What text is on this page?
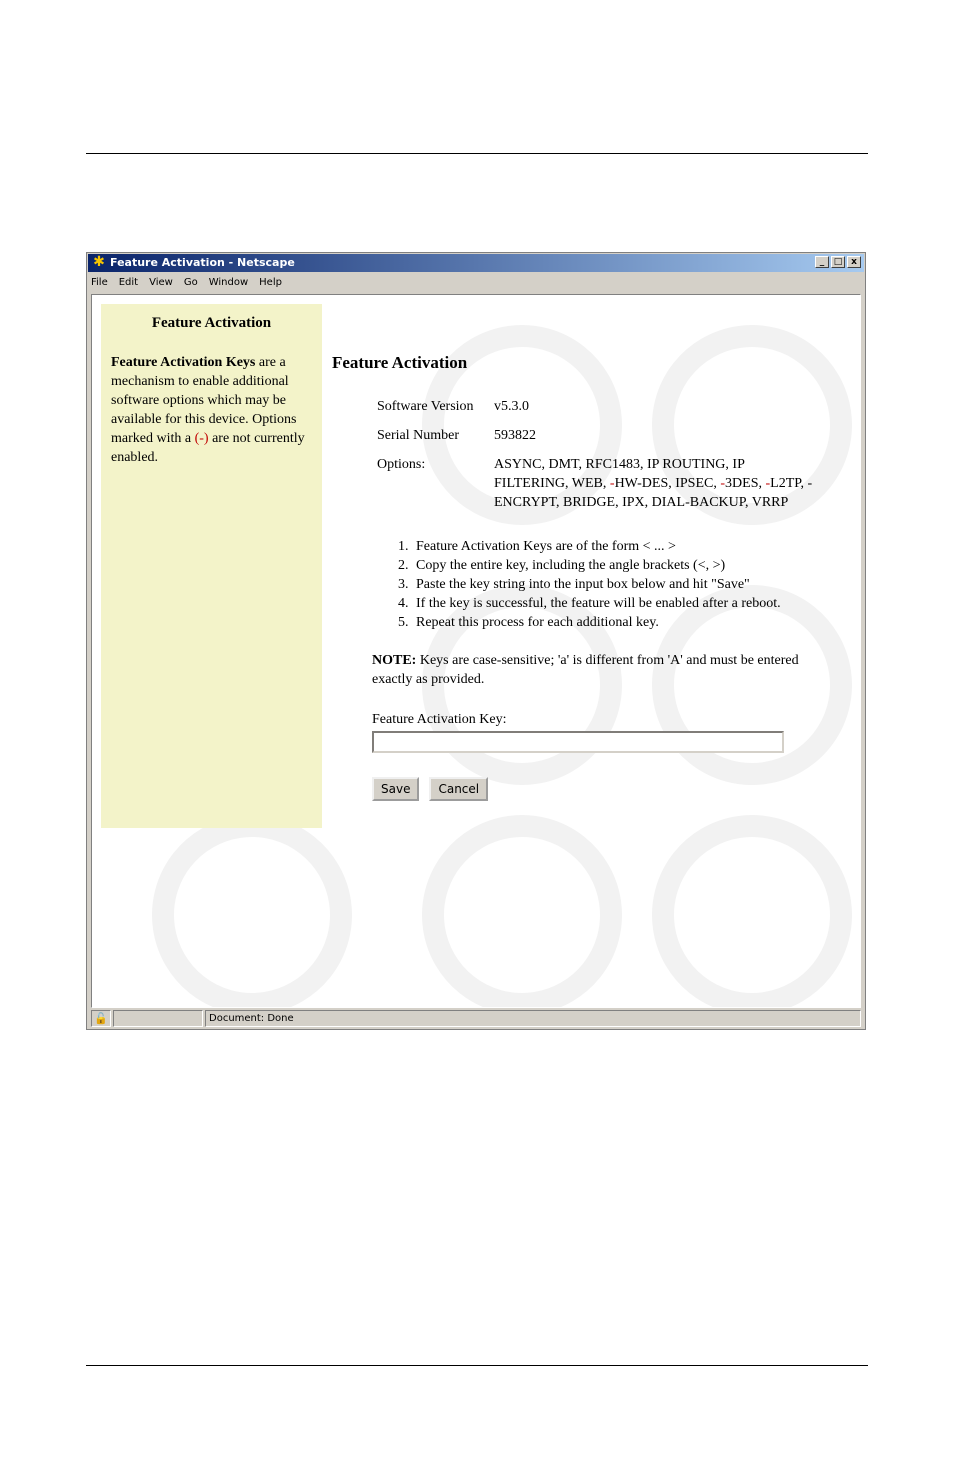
✱ Feature Activation - Netscape	_	□ x
File Edit View Go Window Help
Feature Activation

Feature Activation Keys are a mechanism to enable additional software options which may be available for this device. Options marked with a (-) are not currently enabled.

Feature Activation
Software Version	v5.3.0
Serial Number	593822
Options:	ASYNC, DMT, RFC1483, IP ROUTING, IP FILTERING, WEB, -HW-DES, IPSEC, -3DES, -L2TP, -ENCRYPT, BRIDGE, IPX, DIAL-BACKUP, VRRP
1. Feature Activation Keys are of the form < ... >
2. Copy the entire key, including the angle brackets (<, >)
3. Paste the key string into the input box below and hit "Save"
4. If the key is successful, the feature will be enabled after a reboot.
5. Repeat this process for each additional key.
NOTE: Keys are case-sensitive; 'a' is different from 'A' and must be entered exactly as provided.
Feature Activation Key:
Save	Cancel
🔓	Document: Done
